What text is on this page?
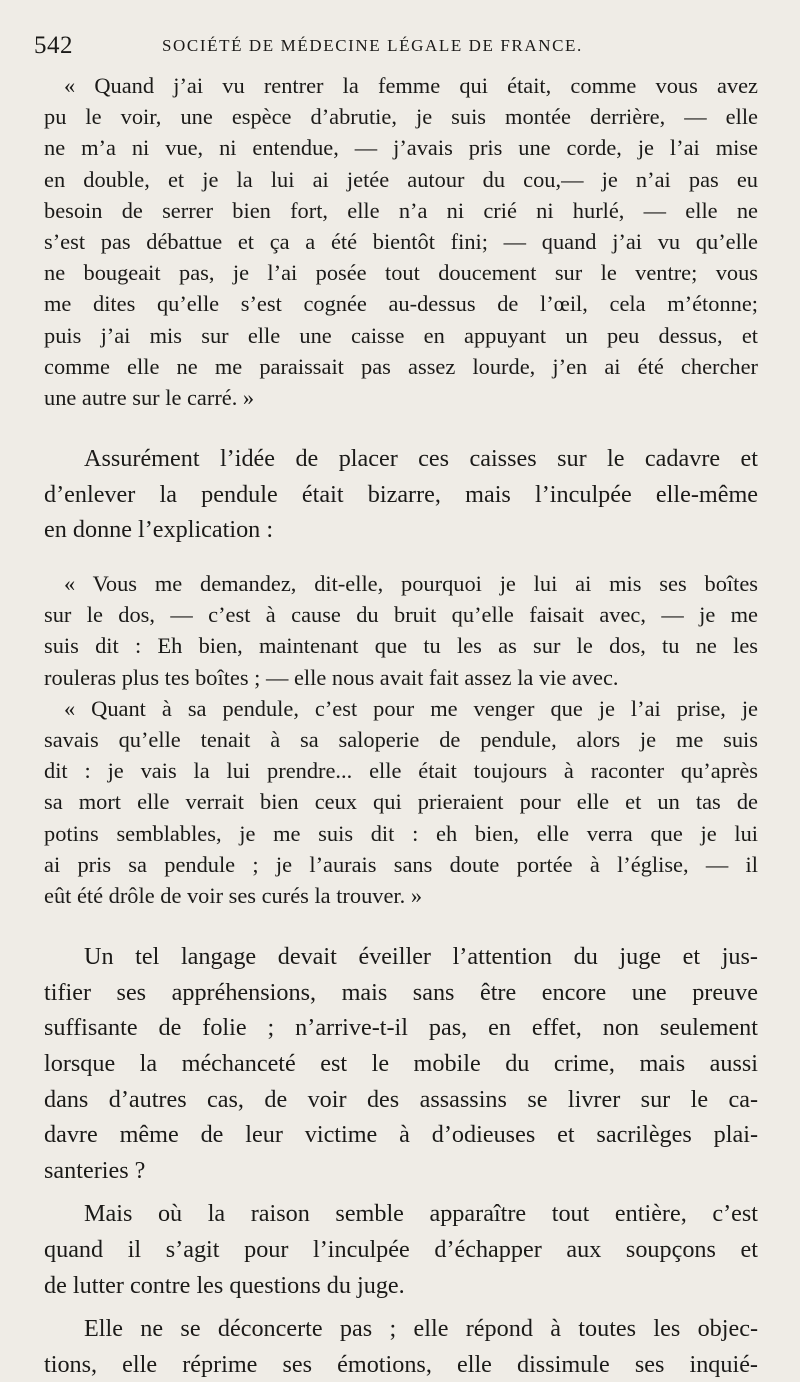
542	SOCIÉTÉ DE MÉDECINE LÉGALE DE FRANCE.

« Quand j’ai vu rentrer la femme qui était, comme vous avez
pu le voir, une espèce d’abrutie, je suis montée derrière, — elle
ne m’a ni vue, ni entendue, — j’avais pris une corde, je l’ai mise
en double, et je la lui ai jetée autour du cou,— je n’ai pas eu
besoin de serrer bien fort, elle n’a ni crié ni hurlé, — elle ne
s’est pas débattue et ça a été bientôt fini; — quand j’ai vu qu’elle
ne bougeait pas, je l’ai posée tout doucement sur le ventre; vous
me dites qu’elle s’est cognée au-dessus de l’œil, cela m’étonne;
puis j’ai mis sur elle une caisse en appuyant un peu dessus, et
comme elle ne me paraissait pas assez lourde, j’en ai été chercher
une autre sur le carré. »

Assurément l’idée de placer ces caisses sur le cadavre et
d’enlever la pendule était bizarre, mais l’inculpée elle-même
en donne l’explication :

« Vous me demandez, dit-elle, pourquoi je lui ai mis ses boîtes
sur le dos, — c’est à cause du bruit qu’elle faisait avec, — je me
suis dit : Eh bien, maintenant que tu les as sur le dos, tu ne les
rouleras plus tes boîtes ; — elle nous avait fait assez la vie avec.

« Quant à sa pendule, c’est pour me venger que je l’ai prise, je
savais qu’elle tenait à sa saloperie de pendule, alors je me suis
dit : je vais la lui prendre... elle était toujours à raconter qu’après
sa mort elle verrait bien ceux qui prieraient pour elle et un tas de
potins semblables, je me suis dit : eh bien, elle verra que je lui
ai pris sa pendule ; je l’aurais sans doute portée à l’église, — il
eût été drôle de voir ses curés la trouver. »

Un tel langage devait éveiller l’attention du juge et jus-
tifier ses appréhensions, mais sans être encore une preuve
suffisante de folie ; n’arrive-t-il pas, en effet, non seulement
lorsque la méchanceté est le mobile du crime, mais aussi
dans d’autres cas, de voir des assassins se livrer sur le ca-
davre même de leur victime à d’odieuses et sacrilèges plai-
santeries ?

Mais où la raison semble apparaître tout entière, c’est
quand il s’agit pour l’inculpée d’échapper aux soupçons et
de lutter contre les questions du juge.

Elle ne se déconcerte pas ; elle répond à toutes les objec-
tions, elle réprime ses émotions, elle dissimule ses inquié-
